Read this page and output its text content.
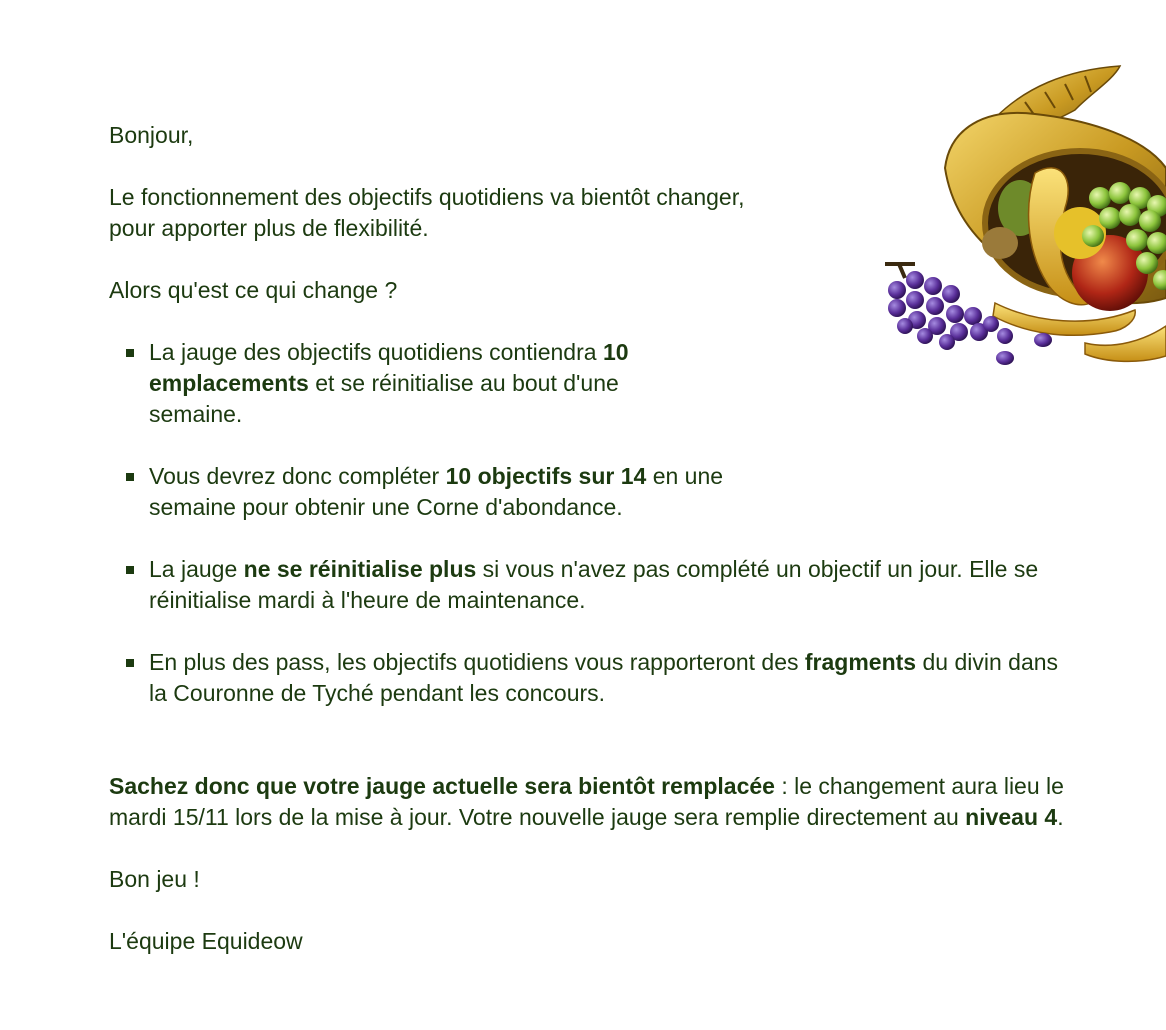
Bonjour,

Le fonctionnement des objectifs quotidiens va bientôt changer,
pour apporter plus de flexibilité.

Alors qu'est ce qui change ?

La jauge des objectifs quotidiens contiendra 10 emplacements et se réinitialise au bout d'une semaine.
Vous devrez donc compléter 10 objectifs sur 14 en une semaine pour obtenir une Corne d'abondance.
La jauge ne se réinitialise plus si vous n'avez pas complété un objectif un jour. Elle se réinitialise mardi à l'heure de maintenance.
En plus des pass, les objectifs quotidiens vous rapporteront des fragments du divin dans la Couronne de Tyché pendant les concours.

Sachez donc que votre jauge actuelle sera bientôt remplacée : le changement aura lieu le mardi 15/11 lors de la mise à jour. Votre nouvelle jauge sera remplie directement au niveau 4.

Bon jeu !

L'équipe Equideow
